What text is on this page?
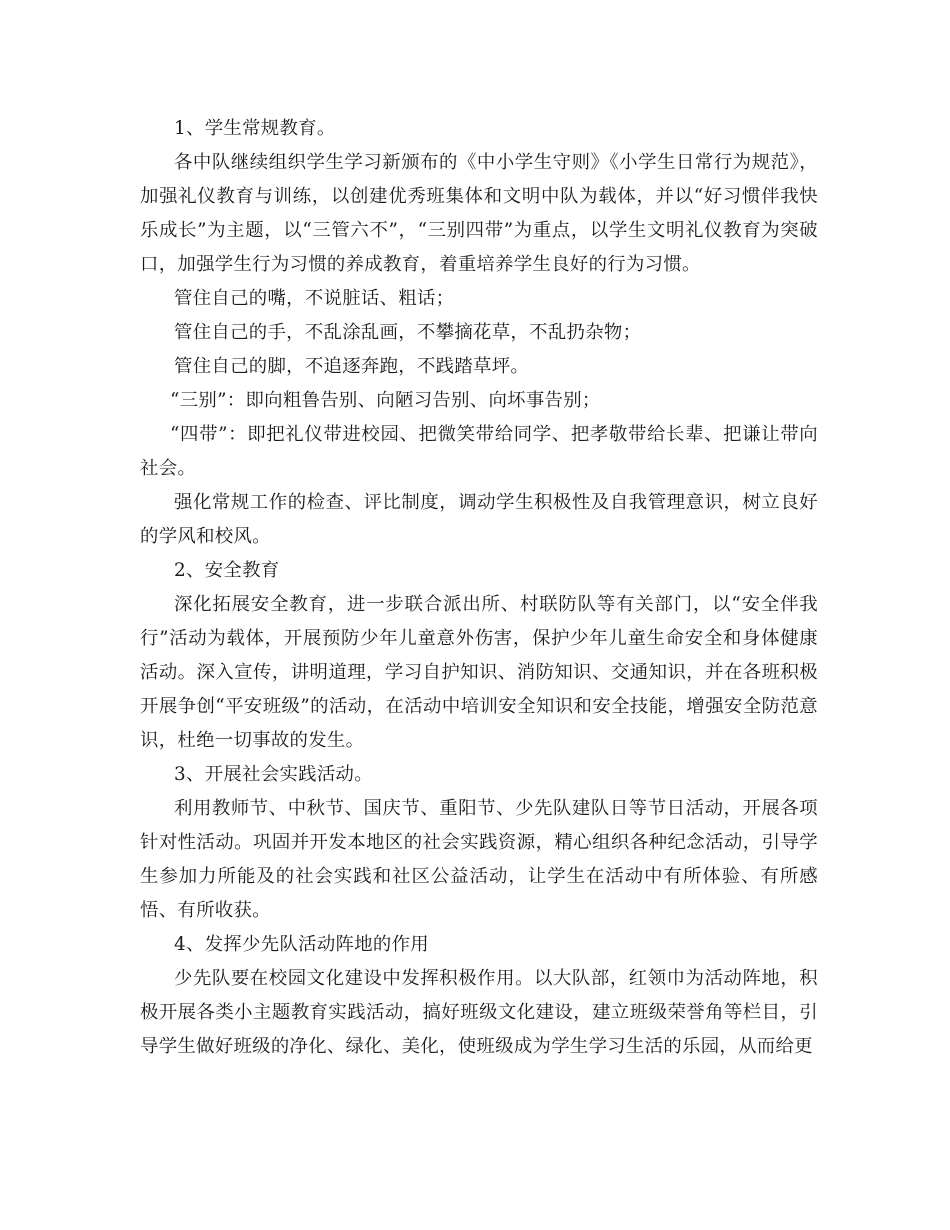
1、学生常规教育。

各中队继续组织学生学习新颁布的《中小学生守则》《小学生日常行为规范》，加强礼仪教育与训练，以创建优秀班集体和文明中队为载体，并以“好习惯伴我快乐成长”为主题，以“三管六不”，“三别四带”为重点，以学生文明礼仪教育为突破口，加强学生行为习惯的养成教育，着重培养学生良好的行为习惯。

管住自己的嘴，不说脏话、粗话；

管住自己的手，不乱涂乱画，不攀摘花草，不乱扔杂物；

管住自己的脚，不追逐奔跑，不践踏草坪。

“三别”：即向粗鲁告别、向陋习告别、向坏事告别；

“四带”：即把礼仪带进校园、把微笑带给同学、把孝敬带给长辈、把谦让带向社会。

强化常规工作的检查、评比制度，调动学生积极性及自我管理意识，树立良好的学风和校风。

2、安全教育

深化拓展安全教育，进一步联合派出所、村联防队等有关部门，以“安全伴我行”活动为载体，开展预防少年儿童意外伤害，保护少年儿童生命安全和身体健康活动。深入宣传，讲明道理，学习自护知识、消防知识、交通知识，并在各班积极开展争创“平安班级”的活动，在活动中培训安全知识和安全技能，增强安全防范意识，杜绝一切事故的发生。

3、开展社会实践活动。

利用教师节、中秋节、国庆节、重阳节、少先队建队日等节日活动，开展各项针对性活动。巩固并开发本地区的社会实践资源，精心组织各种纪念活动，引导学生参加力所能及的社会实践和社区公益活动，让学生在活动中有所体验、有所感悟、有所收获。

4、发挥少先队活动阵地的作用

少先队要在校园文化建设中发挥积极作用。以大队部，红领巾为活动阵地，积极开展各类小主题教育实践活动，搞好班级文化建设，建立班级荣誉角等栏目，引导学生做好班级的净化、绿化、美化，使班级成为学生学习生活的乐园，从而给更
